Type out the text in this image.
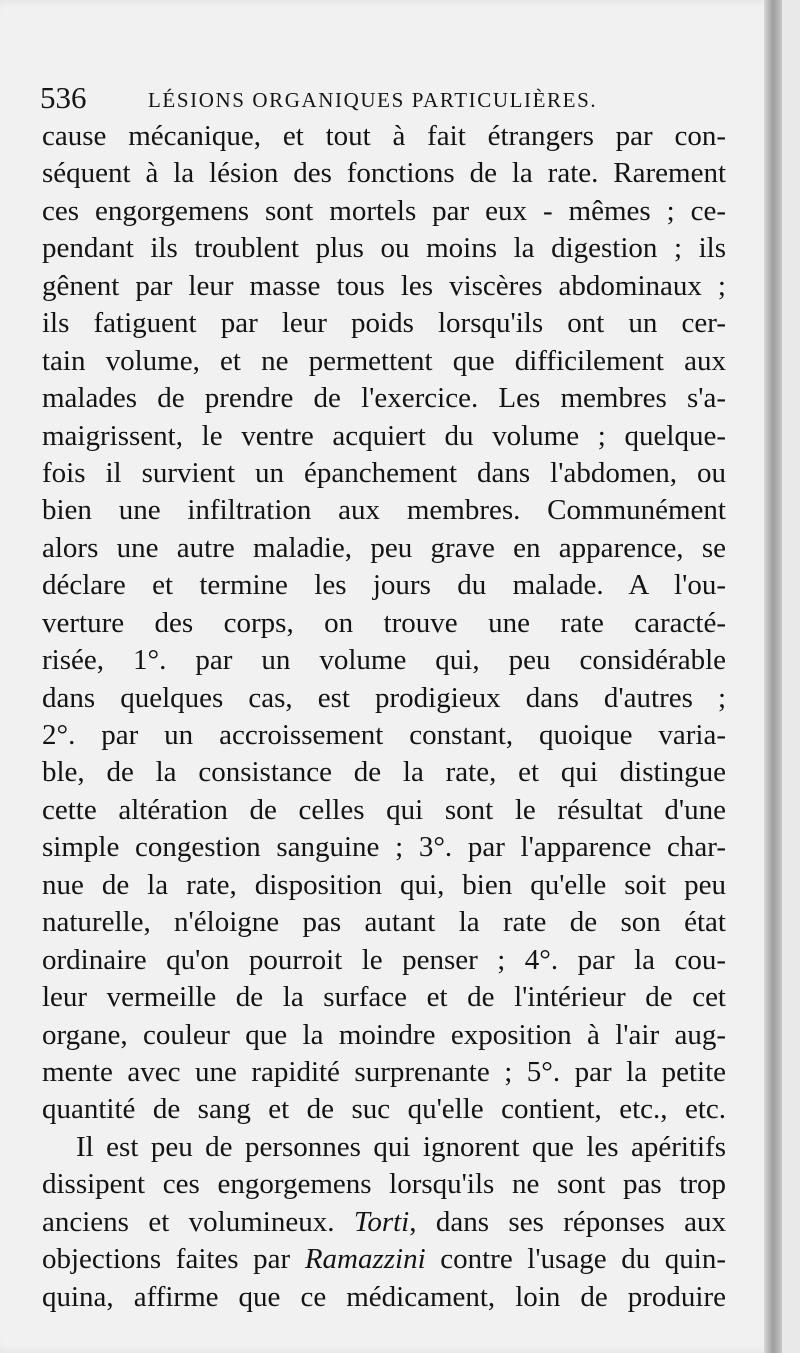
536	LÉSIONS ORGANIQUES PARTICULIÈRES.
cause mécanique, et tout à fait étrangers par con-
séquent à la lésion des fonctions de la rate. Rarement
ces engorgemens sont mortels par eux - mêmes ; ce-
pendant ils troublent plus ou moins la digestion ; ils
gênent par leur masse tous les viscères abdominaux ;
ils fatiguent par leur poids lorsqu'ils ont un cer-
tain volume, et ne permettent que difficilement aux
malades de prendre de l'exercice. Les membres s'a-
maigrissent, le ventre acquiert du volume ; quelque-
fois il survient un épanchement dans l'abdomen, ou
bien une infiltration aux membres. Communément
alors une autre maladie, peu grave en apparence, se
déclare et termine les jours du malade. A l'ou-
verture des corps, on trouve une rate caracté-
risée, 1°. par un volume qui, peu considérable
dans quelques cas, est prodigieux dans d'autres ;
2°. par un accroissement constant, quoique varia-
ble, de la consistance de la rate, et qui distingue
cette altération de celles qui sont le résultat d'une
simple congestion sanguine ; 3°. par l'apparence char-
nue de la rate, disposition qui, bien qu'elle soit peu
naturelle, n'éloigne pas autant la rate de son état
ordinaire qu'on pourroit le penser ; 4°. par la cou-
leur vermeille de la surface et de l'intérieur de cet
organe, couleur que la moindre exposition à l'air aug-
mente avec une rapidité surprenante ; 5°. par la petite
quantité de sang et de suc qu'elle contient, etc., etc.
Il est peu de personnes qui ignorent que les apéritifs
dissipent ces engorgemens lorsqu'ils ne sont pas trop
anciens et volumineux. Torti, dans ses réponses aux
objections faites par Ramazzini contre l'usage du quin-
quina, affirme que ce médicament, loin de produire
